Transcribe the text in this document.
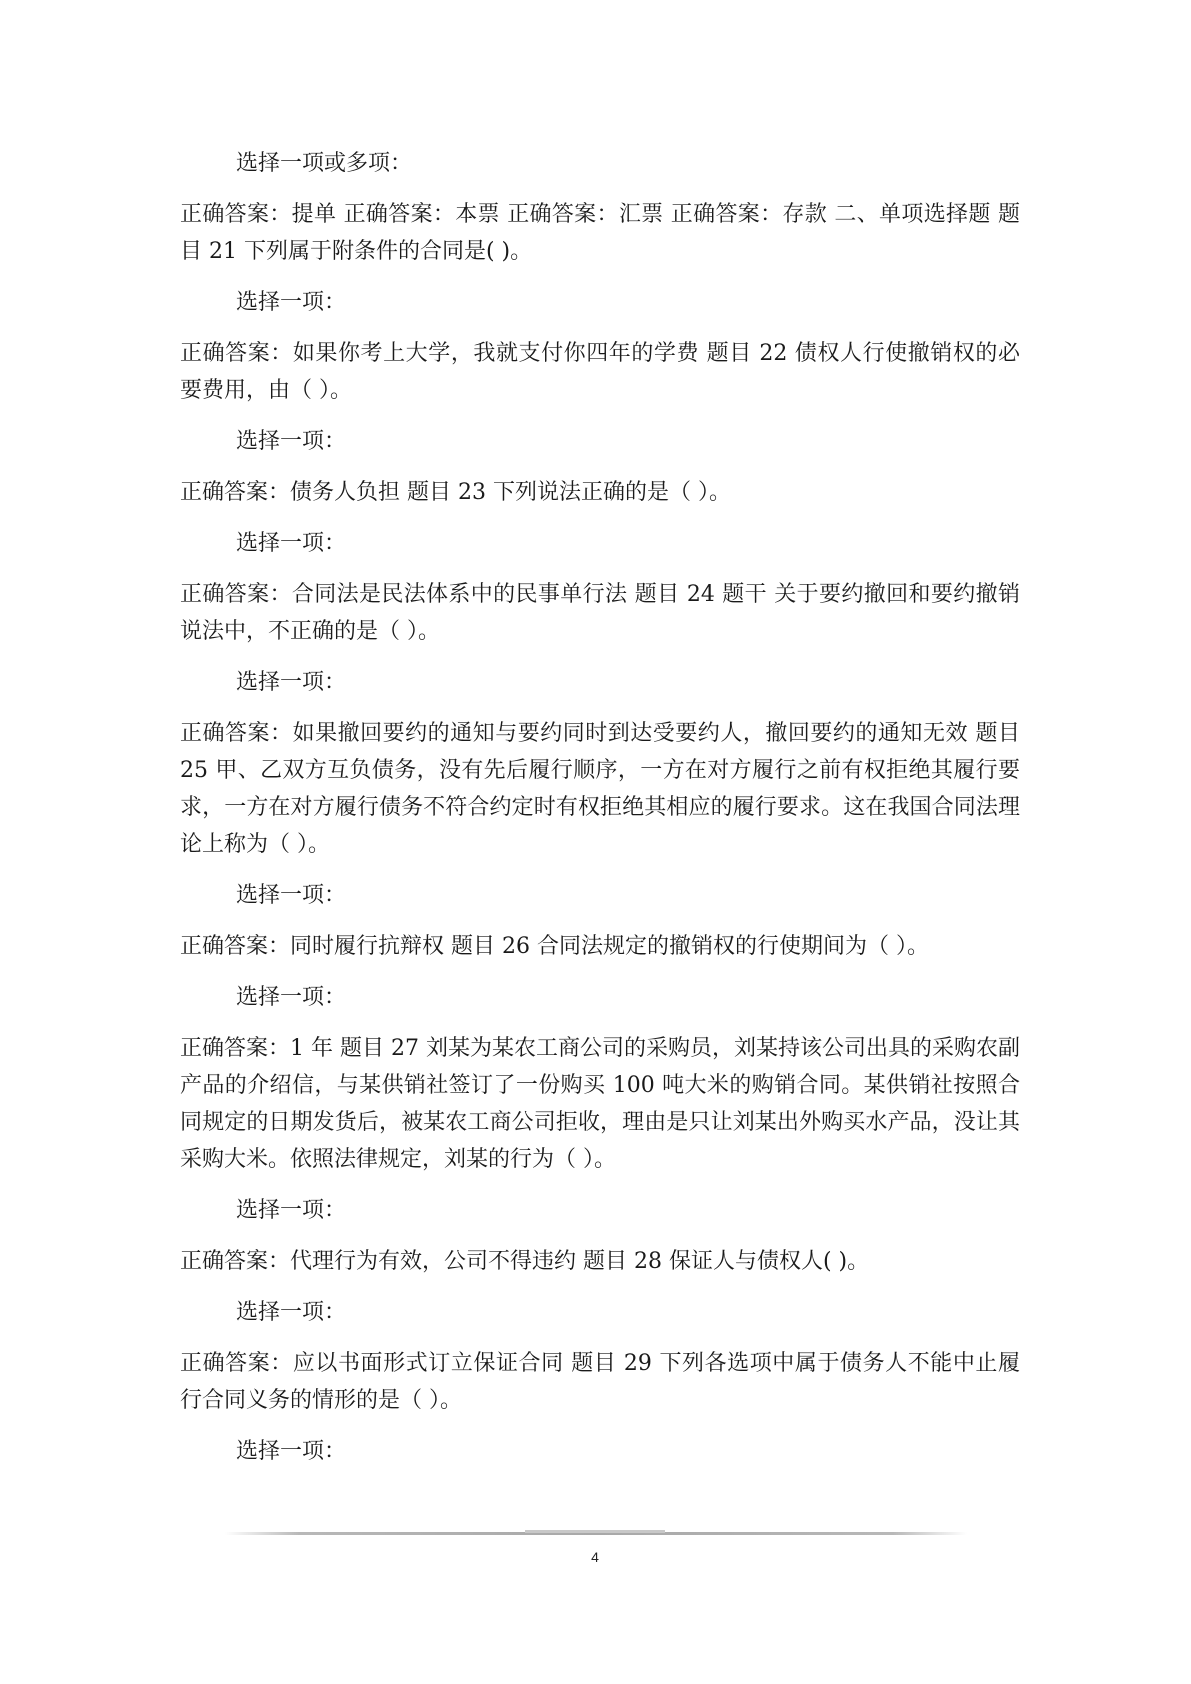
选择一项或多项：
正确答案：提单 正确答案：本票 正确答案：汇票 正确答案：存款 二、单项选择题 题目 21 下列属于附条件的合同是( )。
选择一项：
正确答案：如果你考上大学，我就支付你四年的学费 题目 22 债权人行使撤销权的必要费用，由（ ）。
选择一项：
正确答案：债务人负担 题目 23 下列说法正确的是（ ）。
选择一项：
正确答案：合同法是民法体系中的民事单行法 题目 24 题干 关于要约撤回和要约撤销说法中，不正确的是（ ）。
选择一项：
正确答案：如果撤回要约的通知与要约同时到达受要约人，撤回要约的通知无效 题目 25 甲、乙双方互负债务，没有先后履行顺序，一方在对方履行之前有权拒绝其履行要求，一方在对方履行债务不符合约定时有权拒绝其相应的履行要求。这在我国合同法理论上称为（ ）。
选择一项：
正确答案：同时履行抗辩权 题目 26 合同法规定的撤销权的行使期间为（ ）。
选择一项：
正确答案：1 年 题目 27 刘某为某农工商公司的采购员，刘某持该公司出具的采购农副产品的介绍信，与某供销社签订了一份购买 100 吨大米的购销合同。某供销社按照合同规定的日期发货后，被某农工商公司拒收，理由是只让刘某出外购买水产品，没让其采购大米。依照法律规定，刘某的行为（ ）。
选择一项：
正确答案：代理行为有效，公司不得违约 题目 28 保证人与债权人( )。
选择一项：
正确答案：应以书面形式订立保证合同 题目 29 下列各选项中属于债务人不能中止履行合同义务的情形的是（ ）。
选择一项：
4
